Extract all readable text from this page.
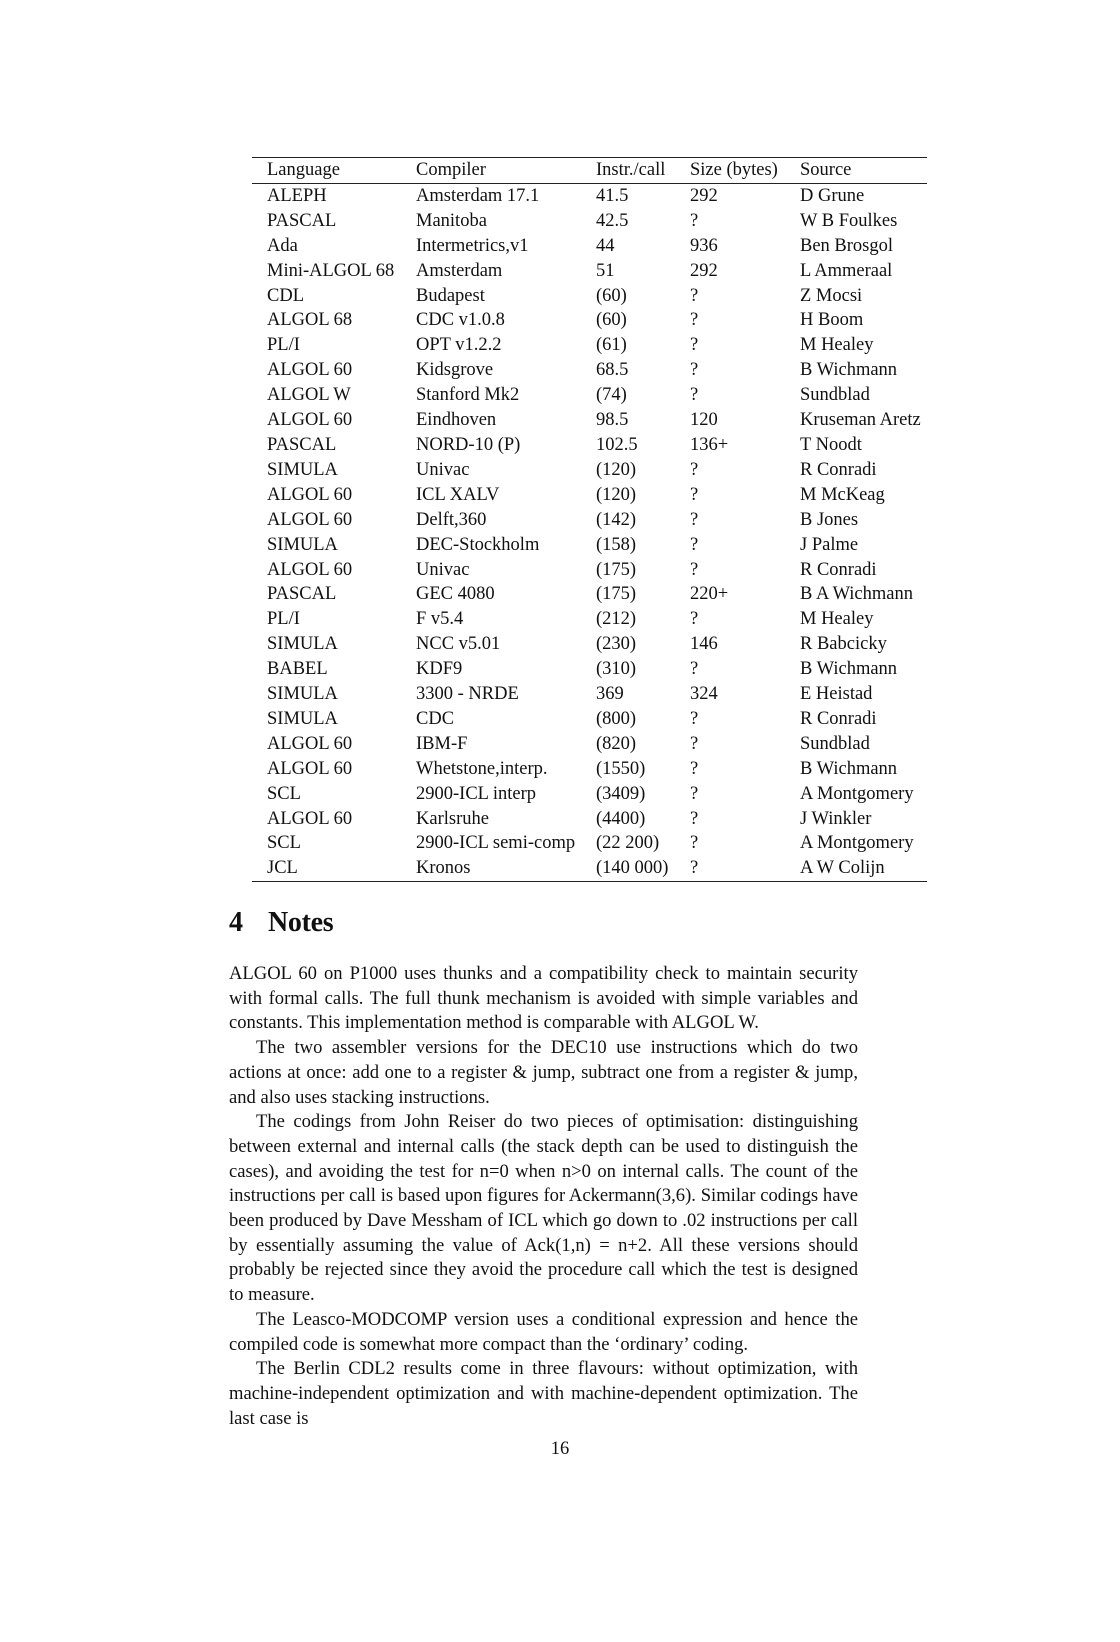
Language	Compiler	Instr./call	Size (bytes)	Source
ALEPH	Amsterdam 17.1	41.5	292	D Grune
PASCAL	Manitoba	42.5	?	W B Foulkes
Ada	Intermetrics,v1	44	936	Ben Brosgol
Mini-ALGOL 68	Amsterdam	51	292	L Ammeraal
CDL	Budapest	(60)	?	Z Mocsi
ALGOL 68	CDC v1.0.8	(60)	?	H Boom
PL/I	OPT v1.2.2	(61)	?	M Healey
ALGOL 60	Kidsgrove	68.5	?	B Wichmann
ALGOL W	Stanford Mk2	(74)	?	Sundblad
ALGOL 60	Eindhoven	98.5	120	Kruseman Aretz
PASCAL	NORD-10 (P)	102.5	136+	T Noodt
SIMULA	Univac	(120)	?	R Conradi
ALGOL 60	ICL XALV	(120)	?	M McKeag
ALGOL 60	Delft,360	(142)	?	B Jones
SIMULA	DEC-Stockholm	(158)	?	J Palme
ALGOL 60	Univac	(175)	?	R Conradi
PASCAL	GEC 4080	(175)	220+	B A Wichmann
PL/I	F v5.4	(212)	?	M Healey
SIMULA	NCC v5.01	(230)	146	R Babcicky
BABEL	KDF9	(310)	?	B Wichmann
SIMULA	3300 - NRDE	369	324	E Heistad
SIMULA	CDC	(800)	?	R Conradi
ALGOL 60	IBM-F	(820)	?	Sundblad
ALGOL 60	Whetstone,interp.	(1550)	?	B Wichmann
SCL	2900-ICL interp	(3409)	?	A Montgomery
ALGOL 60	Karlsruhe	(4400)	?	J Winkler
SCL	2900-ICL semi-comp	(22 200)	?	A Montgomery
JCL	Kronos	(140 000)	?	A W Colijn
4 Notes

ALGOL 60 on P1000 uses thunks and a compatibility check to maintain security with formal calls. The full thunk mechanism is avoided with simple variables and constants. This implementation method is comparable with ALGOL W.

The two assembler versions for the DEC10 use instructions which do two actions at once: add one to a register & jump, subtract one from a register & jump, and also uses stacking instructions.

The codings from John Reiser do two pieces of optimisation: distinguishing between external and internal calls (the stack depth can be used to distinguish the cases), and avoiding the test for n=0 when n>0 on internal calls. The count of the instructions per call is based upon figures for Ackermann(3,6). Similar codings have been produced by Dave Messham of ICL which go down to .02 instructions per call by essentially assuming the value of Ack(1,n) = n+2. All these versions should probably be rejected since they avoid the procedure call which the test is designed to measure.

The Leasco-MODCOMP version uses a conditional expression and hence the compiled code is somewhat more compact than the ‘ordinary’ coding.

The Berlin CDL2 results come in three flavours: without optimization, with machine-independent optimization and with machine-dependent optimization. The last case is

16
